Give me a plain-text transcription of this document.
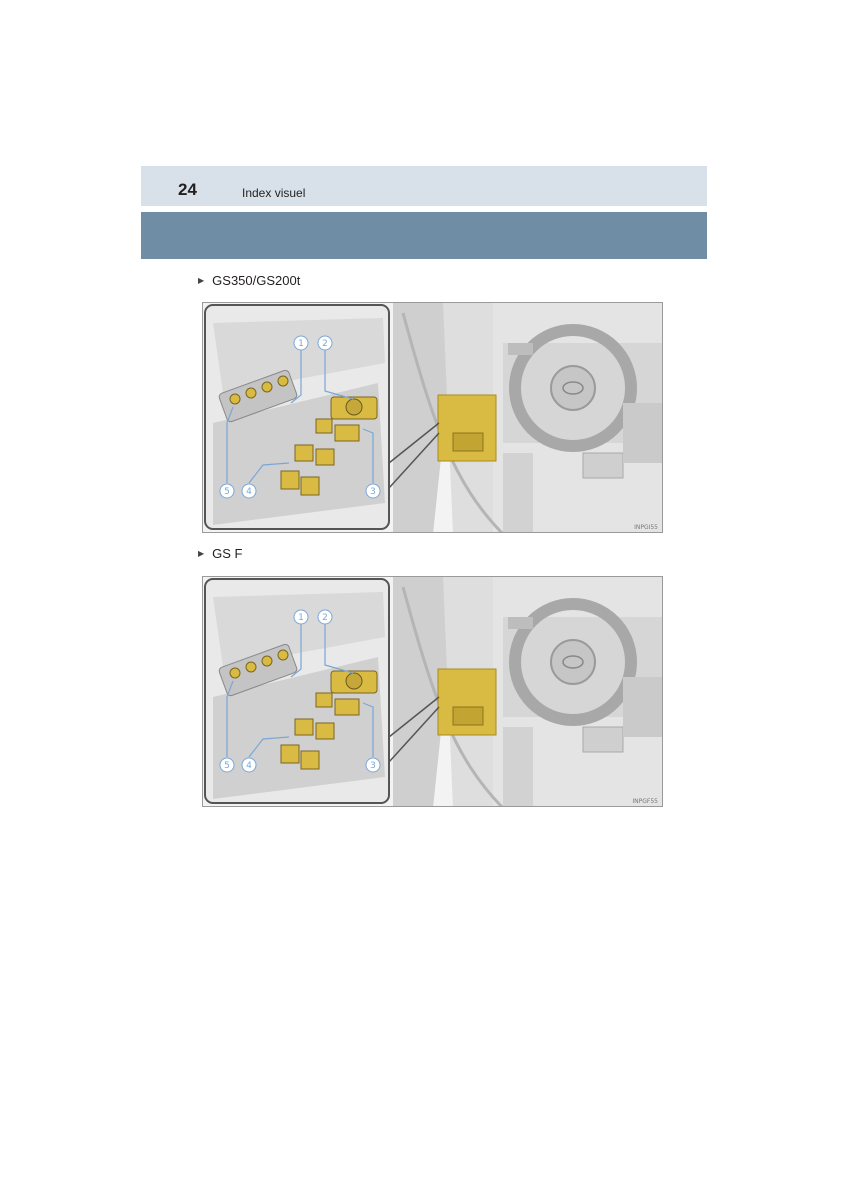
24	Index visuel
▶ GS350/GS200t
1 2
3
4
5
INPGI55
▶ GS F
1 2
3
4
5
INPGF55
